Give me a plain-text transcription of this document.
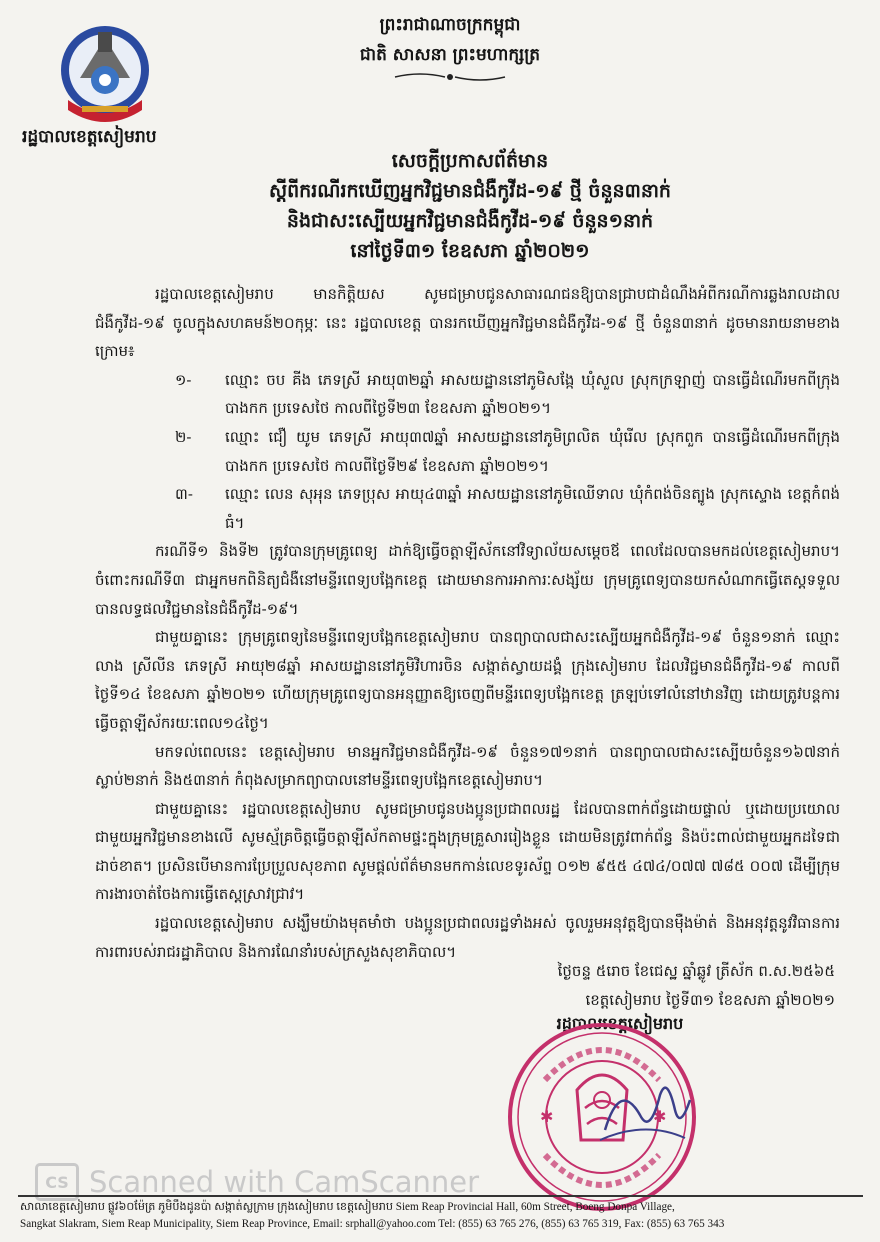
រដ្ឋបាលខេត្តសៀមរាប
ព្រះរាជាណាចក្រកម្ពុជា
ជាតិ សាសនា ព្រះមហាក្សត្រ
សេចក្តីប្រកាសព័ត៌មាន
ស្តីពីករណីរកឃើញអ្នកវិជ្ជមានជំងឺកូវីដ-១៩ ថ្មី ចំនួន៣នាក់
និងជាសះស្បើយអ្នកវិជ្ជមានជំងឺកូវីដ-១៩ ចំនួន១នាក់
នៅថ្ងៃទី៣១ ខែឧសភា ឆ្នាំ២០២១

រដ្ឋបាលខេត្តសៀមរាប មានកិត្តិយស សូមជម្រាបជូនសាធារណជនឱ្យបានជ្រាបជាដំណឹងអំពីករណីការឆ្លងរាលដាលជំងឺកូវីដ-១៩ ចូលក្នុងសហគមន៍២០កុម្ភៈ នេះ រដ្ឋបាលខេត្ត បានរកឃើញអ្នកវិជ្ជមានជំងឺកូវីដ-១៩ ថ្មី ចំនួន៣នាក់ ដូចមានរាយនាមខាងក្រោម៖

១-	ឈ្មោះ ចប គីង ភេទស្រី អាយុ៣២ឆ្នាំ អាសយដ្ឋាននៅភូមិសង្កែ ឃុំសួល ស្រុកក្រឡាញ់ បានធ្វើដំណើរមកពីក្រុងបាងកក ប្រទេសថៃ កាលពីថ្ងៃទី២៣ ខែឧសភា ឆ្នាំ២០២១។
២-	ឈ្មោះ ជឿ យូម ភេទស្រី អាយុ៣៧ឆ្នាំ អាសយដ្ឋាននៅភូមិព្រលិត ឃុំរើល ស្រុកពួក បានធ្វើដំណើរមកពីក្រុងបាងកក ប្រទេសថៃ កាលពីថ្ងៃទី២៩ ខែឧសភា ឆ្នាំ២០២១។
៣-	ឈ្មោះ លេន សុអុន ភេទប្រុស អាយុ៤៣ឆ្នាំ អាសយដ្ឋាននៅភូមិឈើទាល ឃុំកំពង់ចិនត្បូង ស្រុកស្ទោង ខេត្តកំពង់ធំ។

ករណីទី១ និងទី២ ត្រូវបានក្រុមគ្រូពេទ្យ ដាក់ឱ្យធ្វើចត្តាឡីស័កនៅវិទ្យាល័យសម្តេចឪ ពេលដែលបានមកដល់ខេត្តសៀមរាប។ ចំពោះករណីទី៣ ជាអ្នកមកពិនិត្យជំងឺនៅមន្ទីរពេទ្យបង្អែកខេត្ត ដោយមានការអាការៈសង្ស័យ ក្រុមគ្រូពេទ្យបានយកសំណាកធ្វើតេស្តទទួលបានលទ្ធផលវិជ្ជមាននៃជំងឺកូវីដ-១៩។

ជាមួយគ្នានេះ ក្រុមគ្រូពេទ្យនៃមន្ទីរពេទ្យបង្អែកខេត្តសៀមរាប បានព្យាបាលជាសះស្បើយអ្នកជំងឺកូវីដ-១៩ ចំនួន១នាក់ ឈ្មោះ លាង ស្រីលីន ភេទស្រី អាយុ២៨ឆ្នាំ អាសយដ្ឋាននៅភូមិវិហារចិន សង្កាត់ស្វាយដង្គំ ក្រុងសៀមរាប ដែលវិជ្ជមានជំងឺកូវីដ-១៩ កាលពីថ្ងៃទី១៤ ខែឧសភា ឆ្នាំ២០២១ ហើយក្រុមគ្រូពេទ្យបានអនុញ្ញាតឱ្យចេញពីមន្ទីរពេទ្យបង្អែកខេត្ត ត្រឡប់ទៅលំនៅឋានវិញ ដោយត្រូវបន្តការធ្វើចត្តាឡីស័ករយៈពេល១៤ថ្ងៃ។

មកទល់ពេលនេះ ខេត្តសៀមរាប មានអ្នកវិជ្ជមានជំងឺកូវីដ-១៩ ចំនួន១៧១នាក់ បានព្យាបាលជាសះស្បើយចំនួន១៦៧នាក់ ស្លាប់២នាក់ និង៥៣នាក់ កំពុងសម្រាកព្យាបាលនៅមន្ទីរពេទ្យបង្អែកខេត្តសៀមរាប។

ជាមួយគ្នានេះ រដ្ឋបាលខេត្តសៀមរាប សូមជម្រាបជូនបងប្អូនប្រជាពលរដ្ឋ ដែលបានពាក់ព័ន្ធដោយផ្ទាល់ ឬដោយប្រយោល ជាមួយអ្នកវិជ្ជមានខាងលើ សូមស្ម័គ្រចិត្តធ្វើចត្តាឡីស័កតាមផ្ទះក្នុងក្រុមគ្រួសាររៀងខ្លួន ដោយមិនត្រូវពាក់ព័ន្ធ និងប៉ះពាល់ជាមួយអ្នកដទៃជាដាច់ខាត។ ប្រសិនបើមានការប្រែប្រួលសុខភាព សូមផ្តល់ព័ត៌មានមកកាន់លេខទូរស័ព្ទ ០១២ ៩៥៥ ៤៧៤/០៧៧ ៧៨៥ ០០៧ ដើម្បីក្រុមការងារចាត់ចែងការធ្វើតេស្តស្រាវជ្រាវ។

រដ្ឋបាលខេត្តសៀមរាប សង្ឃឹមយ៉ាងមុតមាំថា បងប្អូនប្រជាពលរដ្ឋទាំងអស់ ចូលរួមអនុវត្តឱ្យបានម៉ឺងម៉ាត់ និងអនុវត្តនូវវិធានការការពារបស់រាជរដ្ឋាភិបាល និងការណែនាំរបស់ក្រសួងសុខាភិបាល។

ថ្ងៃចន្ទ ៥រោច ខែជេស្ឋ ឆ្នាំឆ្លូវ ត្រីស័ក ព.ស.២៥៦៥
ខេត្តសៀមរាប ថ្ងៃទី៣១ ខែឧសភា ឆ្នាំ២០២១
រដ្ឋបាលខេត្តសៀមរាប
✱	✱
CS Scanned with CamScanner
សាលាខេត្តសៀមរាប ផ្លូវ៦០ម៉ែត្រ ភូមិបឹងដូនប៉ា សង្កាត់ស្លក្រាម ក្រុងសៀមរាប ខេត្តសៀមរាប Siem Reap Provincial Hall, 60m Street, Boeng Donpa Village,
Sangkat Slakram, Siem Reap Municipality, Siem Reap Province, Email: srphall@yahoo.com Tel: (855) 63 765 276, (855) 63 765 319, Fax: (855) 63 765 343
